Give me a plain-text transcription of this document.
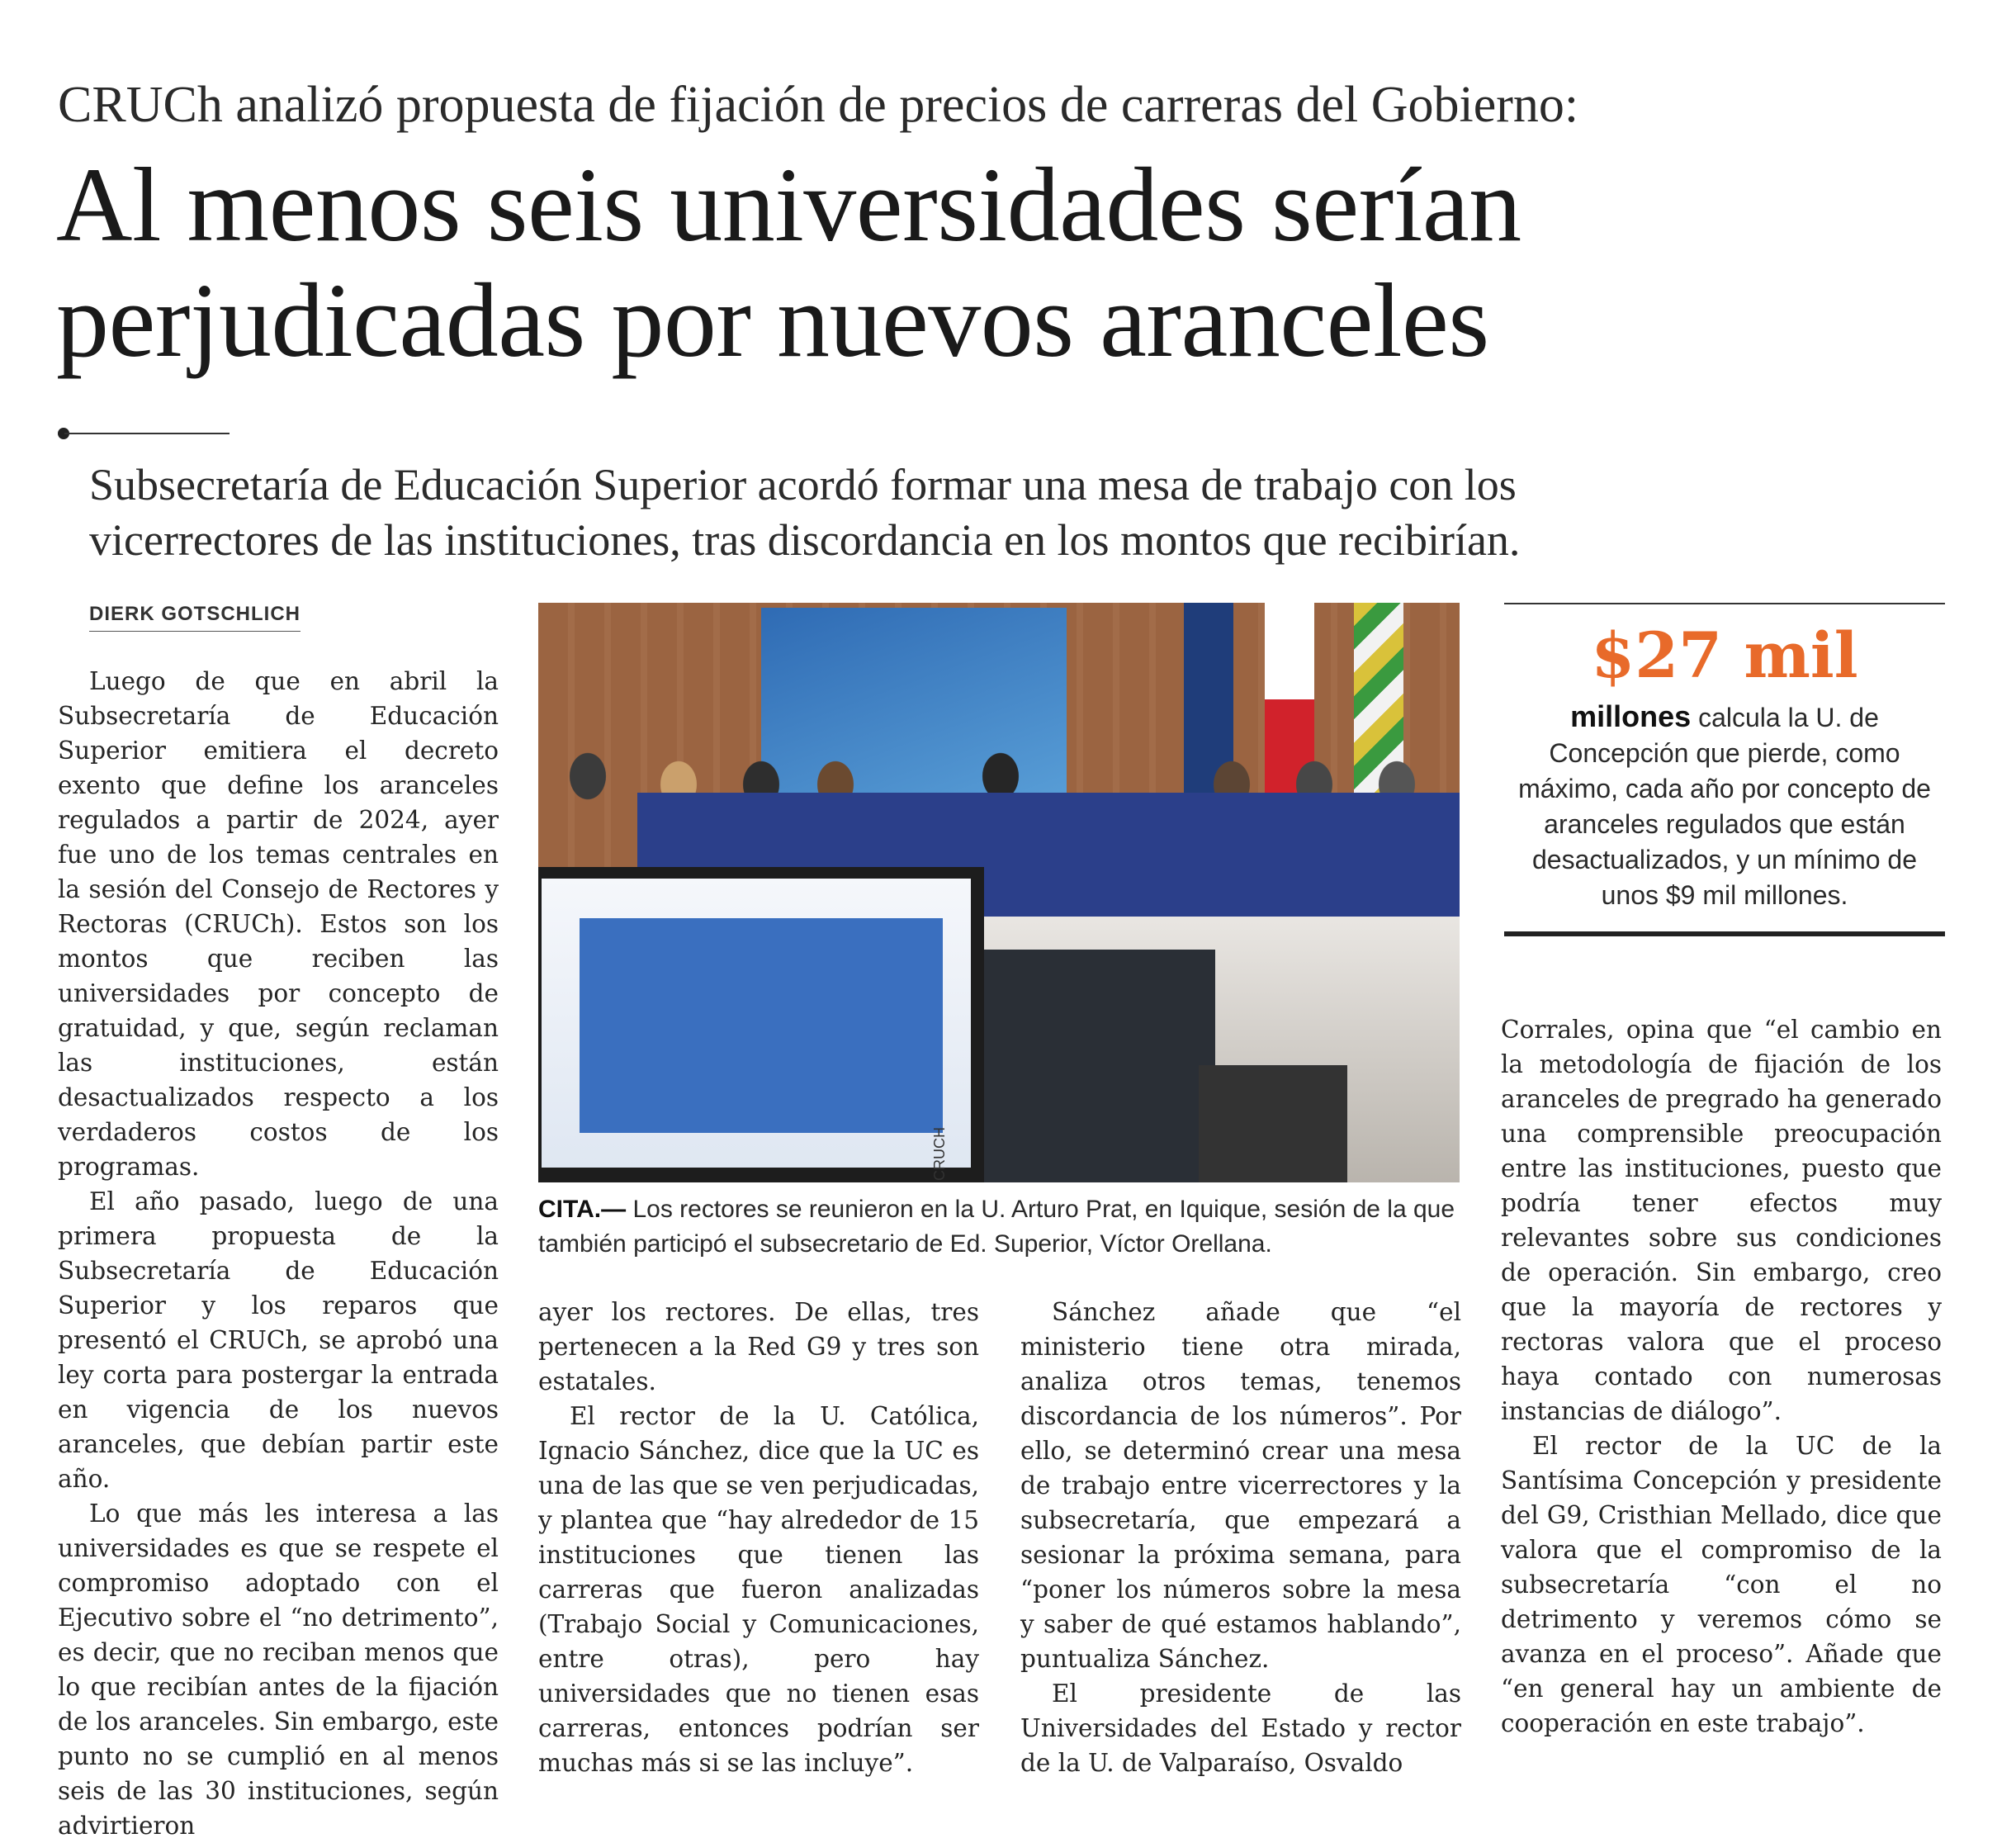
CRUCh analizó propuesta de fijación de precios de carreras del Gobierno:
Al menos seis universidades serían
perjudicadas por nuevos aranceles
Subsecretaría de Educación Superior acordó formar una mesa de trabajo con los
vicerrectores de las instituciones, tras discordancia en los montos que recibirían.
DIERK GOTSCHLICH

Luego de que en abril la Subsecretaría de Educación Superior emitiera el decreto exento que define los aranceles regulados a partir de 2024, ayer fue uno de los temas centrales en la sesión del Consejo de Rectores y Rectoras (CRUCh). Estos son los montos que reciben las universidades por concepto de gratuidad, y que, según reclaman las instituciones, están desactualizados respecto a los verdaderos costos de los programas.

El año pasado, luego de una primera propuesta de la Subsecretaría de Educación Superior y los reparos que presentó el CRUCh, se aprobó una ley corta para postergar la entrada en vigencia de los nuevos aranceles, que debían partir este año.

Lo que más les interesa a las universidades es que se respete el compromiso adoptado con el Ejecutivo sobre el “no detrimento”, es decir, que no reciban menos que lo que recibían antes de la fijación de los aranceles. Sin embargo, este punto no se cumplió en al menos seis de las 30 instituciones, según advirtieron

CRUCH
CITA.— Los rectores se reunieron en la U. Arturo Prat, en Iquique, sesión de la que también participó el subsecretario de Ed. Superior, Víctor Orellana.
$27 mil
millones calcula la U. de Concepción que pierde, como máximo, cada año por concepto de aranceles regulados que están desactualizados, y un mínimo de unos $9 mil millones.

ayer los rectores. De ellas, tres pertenecen a la Red G9 y tres son estatales.

El rector de la U. Católica, Ignacio Sánchez, dice que la UC es una de las que se ven perjudicadas, y plantea que “hay alrededor de 15 instituciones que tienen las carreras que fueron analizadas (Trabajo Social y Comunicaciones, entre otras), pero hay universidades que no tienen esas carreras, entonces podrían ser muchas más si se las incluye”.

Sánchez añade que “el ministerio tiene otra mirada, analiza otros temas, tenemos discordancia de los números”. Por ello, se determinó crear una mesa de trabajo entre vicerrectores y la subsecretaría, que empezará a sesionar la próxima semana, para “poner los números sobre la mesa y saber de qué estamos hablando”, puntualiza Sánchez.

El presidente de las Universidades del Estado y rector de la U. de Valparaíso, Osvaldo

Corrales, opina que “el cambio en la metodología de fijación de los aranceles de pregrado ha generado una comprensible preocupación entre las instituciones, puesto que podría tener efectos muy relevantes sobre sus condiciones de operación. Sin embargo, creo que la mayoría de rectores y rectoras valora que el proceso haya contado con numerosas instancias de diálogo”.

El rector de la UC de la Santísima Concepción y presidente del G9, Cristhian Mellado, dice que valora que el compromiso de la subsecretaría “con el no detrimento y veremos cómo se avanza en el proceso”. Añade que “en general hay un ambiente de cooperación en este trabajo”.
